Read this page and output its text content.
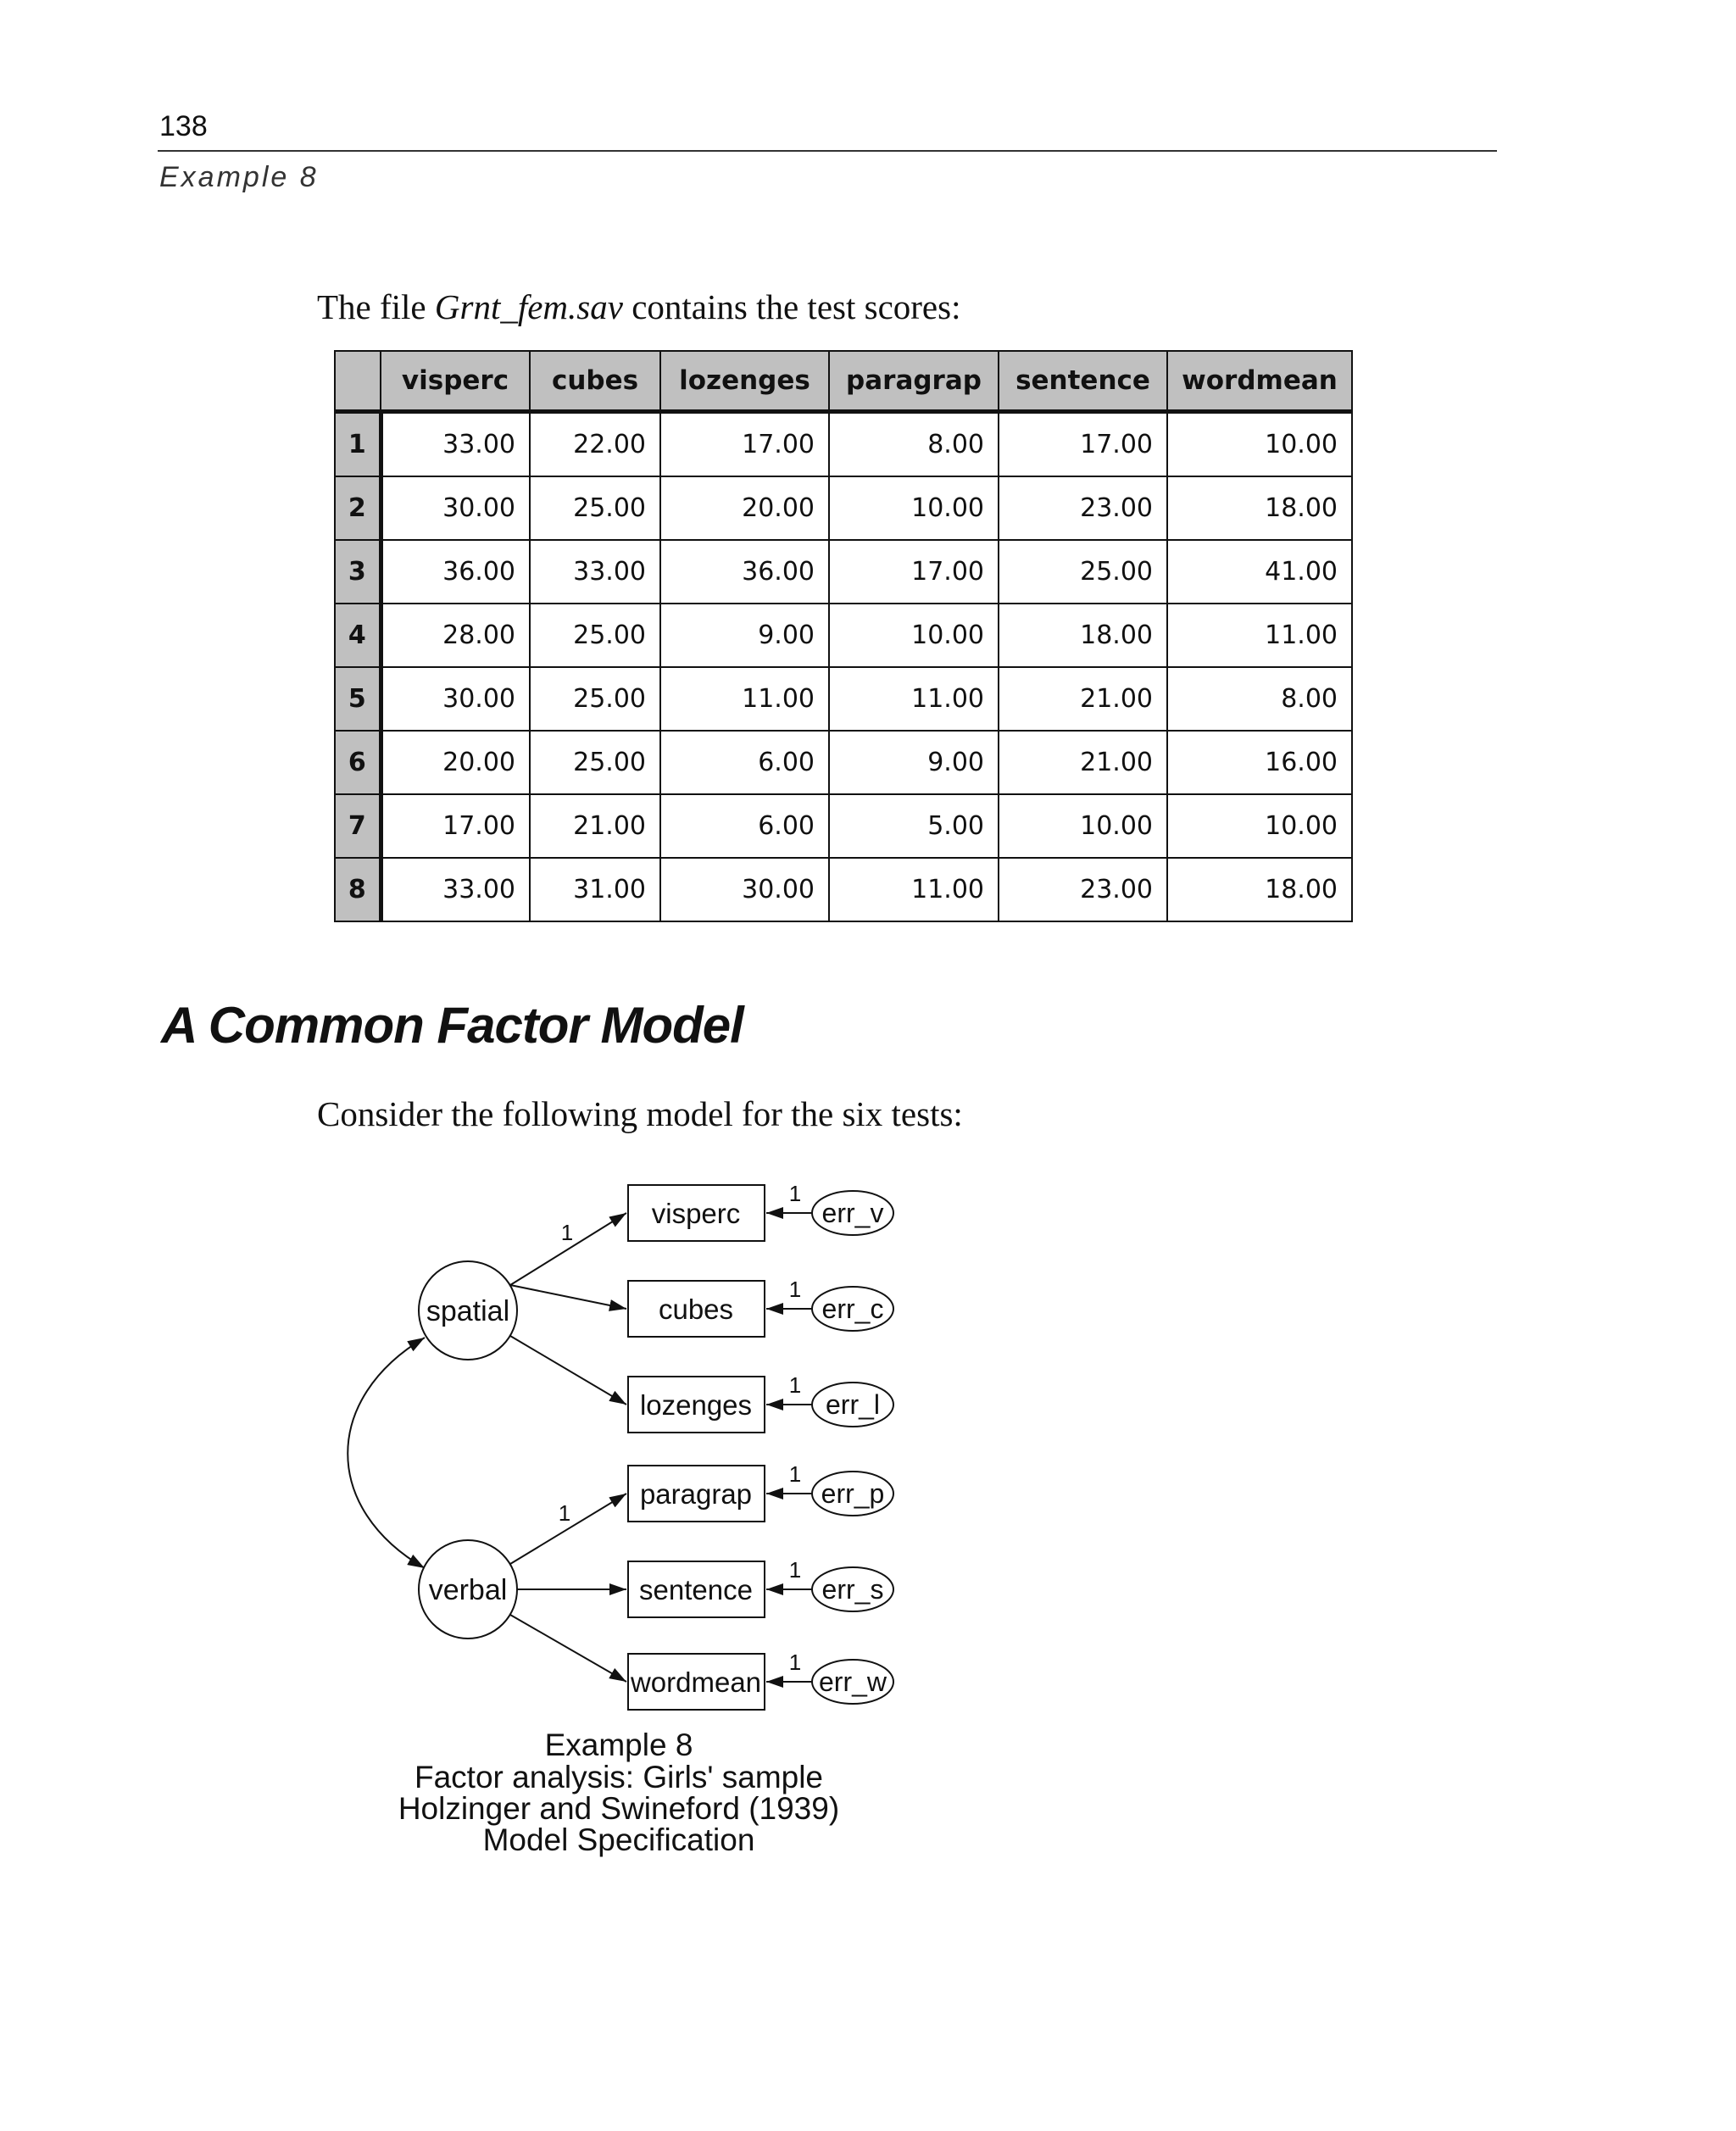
138
Example 8
The file Grnt_fem.sav contains the test scores:
	visperc	cubes	lozenges	paragrap	sentence	wordmean
1	33.00	22.00	17.00	8.00	17.00	10.00
2	30.00	25.00	20.00	10.00	23.00	18.00
3	36.00	33.00	36.00	17.00	25.00	41.00
4	28.00	25.00	9.00	10.00	18.00	11.00
5	30.00	25.00	11.00	11.00	21.00	8.00
6	20.00	25.00	6.00	9.00	21.00	16.00
7	17.00	21.00	6.00	5.00	10.00	10.00
8	33.00	31.00	30.00	11.00	23.00	18.00
A Common Factor Model
Consider the following model for the six tests:
spatial
verbal
visperc	err_v
1
cubes	err_c
1
lozenges	err_l
1
paragrap	err_p
1
sentence	err_s
1
wordmean err_w
1
1
1
Example 8
Factor analysis: Girls' sample
Holzinger and Swineford (1939)
Model Specification
